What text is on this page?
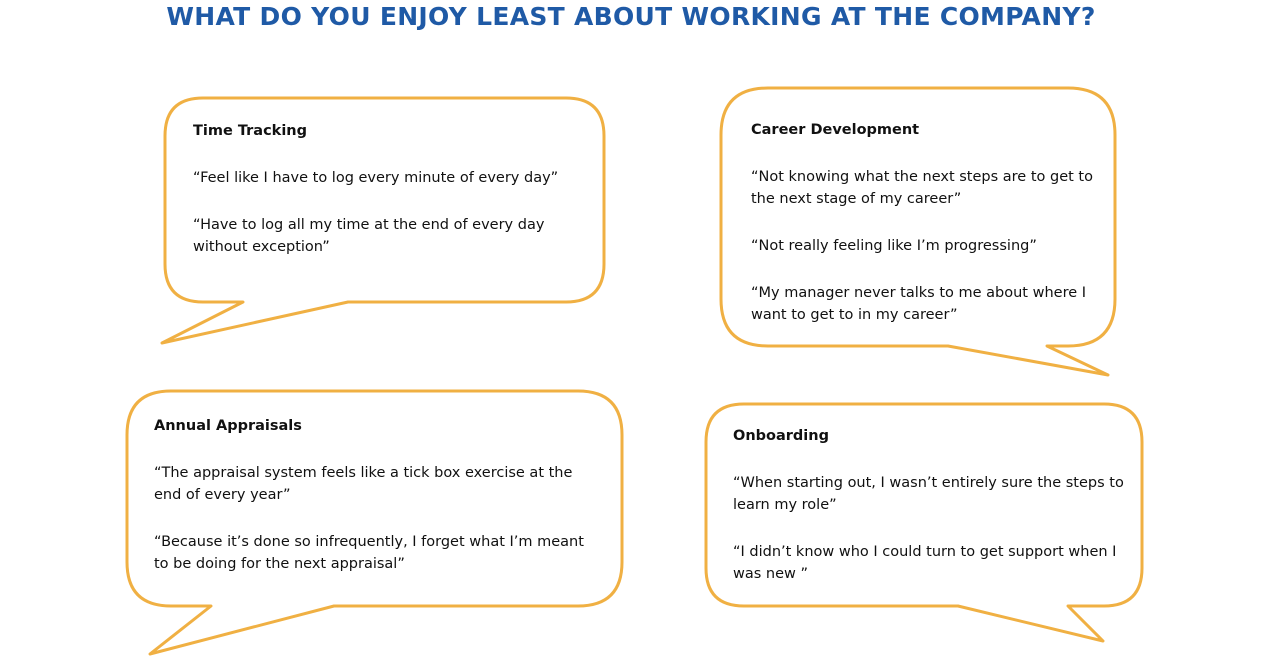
WHAT DO YOU ENJOY LEAST ABOUT WORKING AT THE COMPANY?

Time Tracking

“Feel like I have to log every minute of every day”

“Have to log all my time at the end of every day without exception”

Career Development

“Not knowing what the next steps are to get to the next stage of my career”

“Not really feeling like I’m progressing”

“My manager never talks to me about where I want to get to in my career”

Annual Appraisals

“The appraisal system feels like a tick box exercise at the end of every year”

“Because it’s done so infrequently, I forget what I’m meant to be doing for the next appraisal”

Onboarding

“When starting out, I wasn’t entirely sure the steps to learn my role”

“I didn’t know who I could turn to get support when I was new ”
